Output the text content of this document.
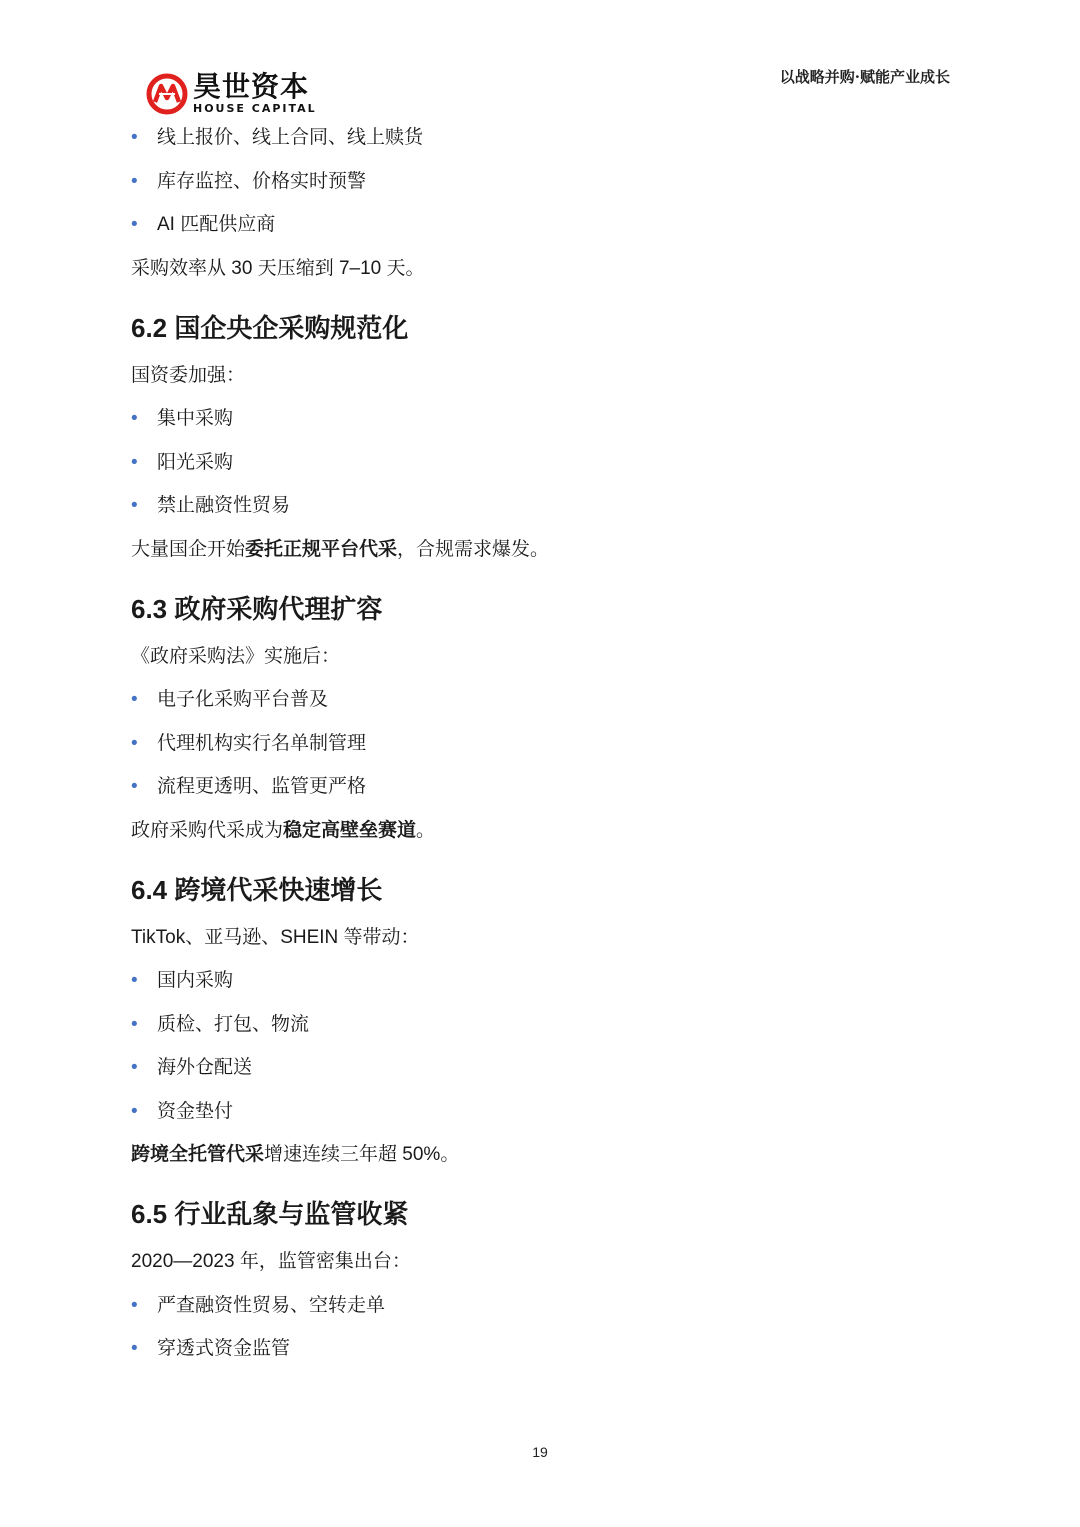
昊世资本
HOUSE CAPITAL
以战略并购·赋能产业成长
• 线上报价、线上合同、线上赎货
• 库存监控、价格实时预警
• AI 匹配供应商
采购效率从 30 天压缩到 7–10 天。
6.2 国企央企采购规范化
国资委加强：
• 集中采购
• 阳光采购
• 禁止融资性贸易
大量国企开始委托正规平台代采，合规需求爆发。
6.3 政府采购代理扩容
《政府采购法》实施后：
• 电子化采购平台普及
• 代理机构实行名单制管理
• 流程更透明、监管更严格
政府采购代采成为稳定高壁垒赛道。
6.4 跨境代采快速增长
TikTok、亚马逊、SHEIN 等带动：
• 国内采购
• 质检、打包、物流
• 海外仓配送
• 资金垫付
跨境全托管代采增速连续三年超 50%。
6.5 行业乱象与监管收紧
2020—2023 年，监管密集出台：
• 严查融资性贸易、空转走单
• 穿透式资金监管
19
